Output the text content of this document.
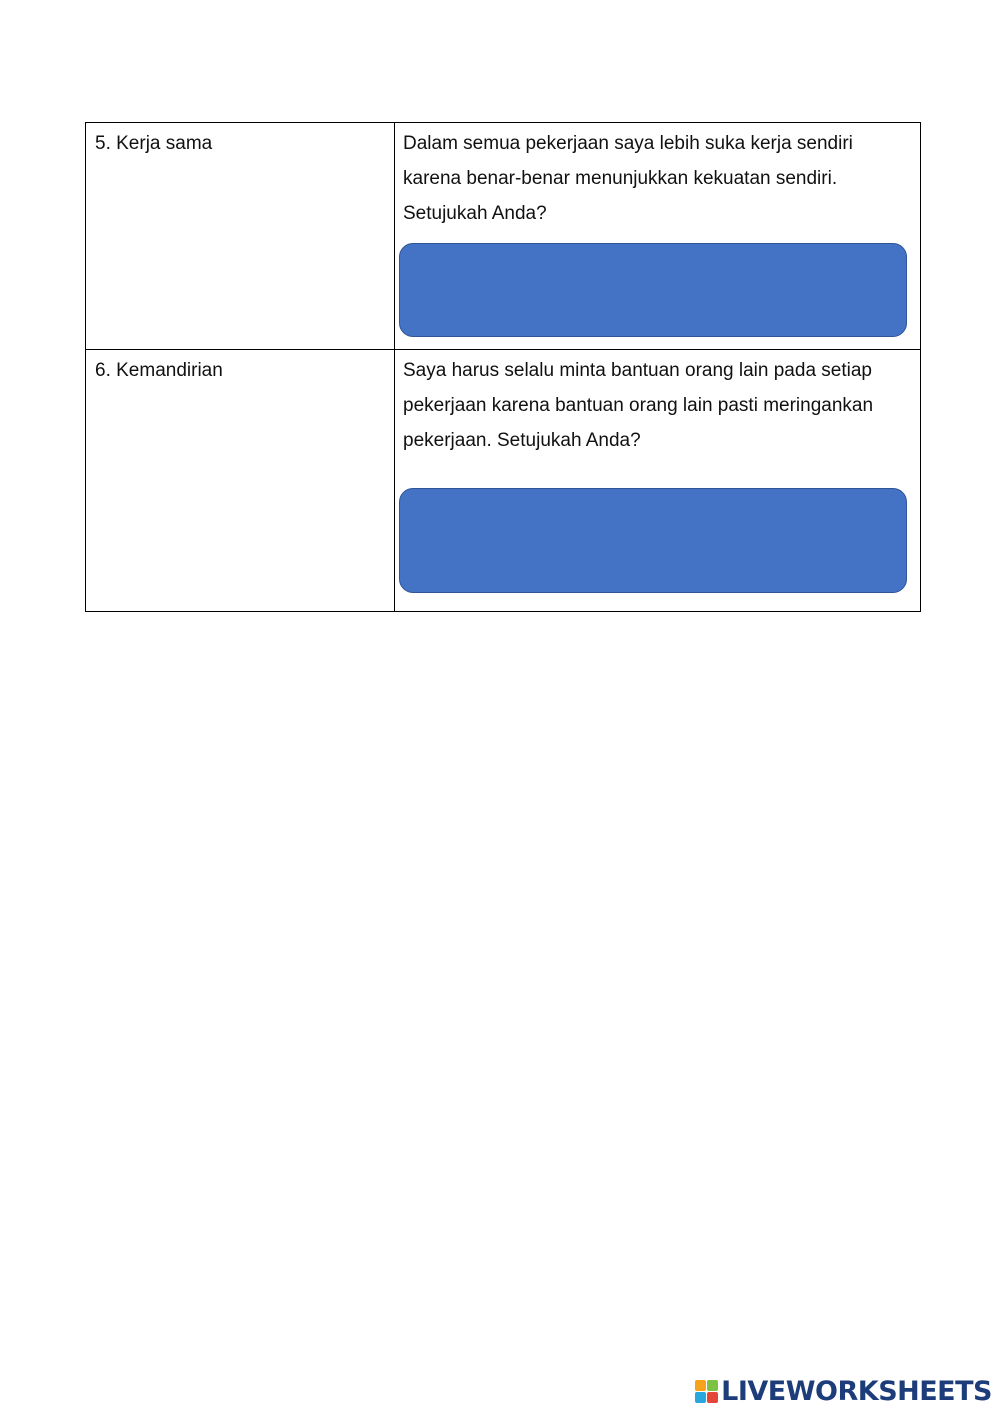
5. Kerja sama	Dalam semua pekerjaan saya lebih suka kerja sendiri
karena benar-benar menunjukkan kekuatan sendiri.
Setujukah Anda?

6. Kemandirian	Saya harus selalu minta bantuan orang lain pada setiap
pekerjaan karena bantuan orang lain pasti meringankan
pekerjaan. Setujukah Anda?
LIVEWORKSHEETS
